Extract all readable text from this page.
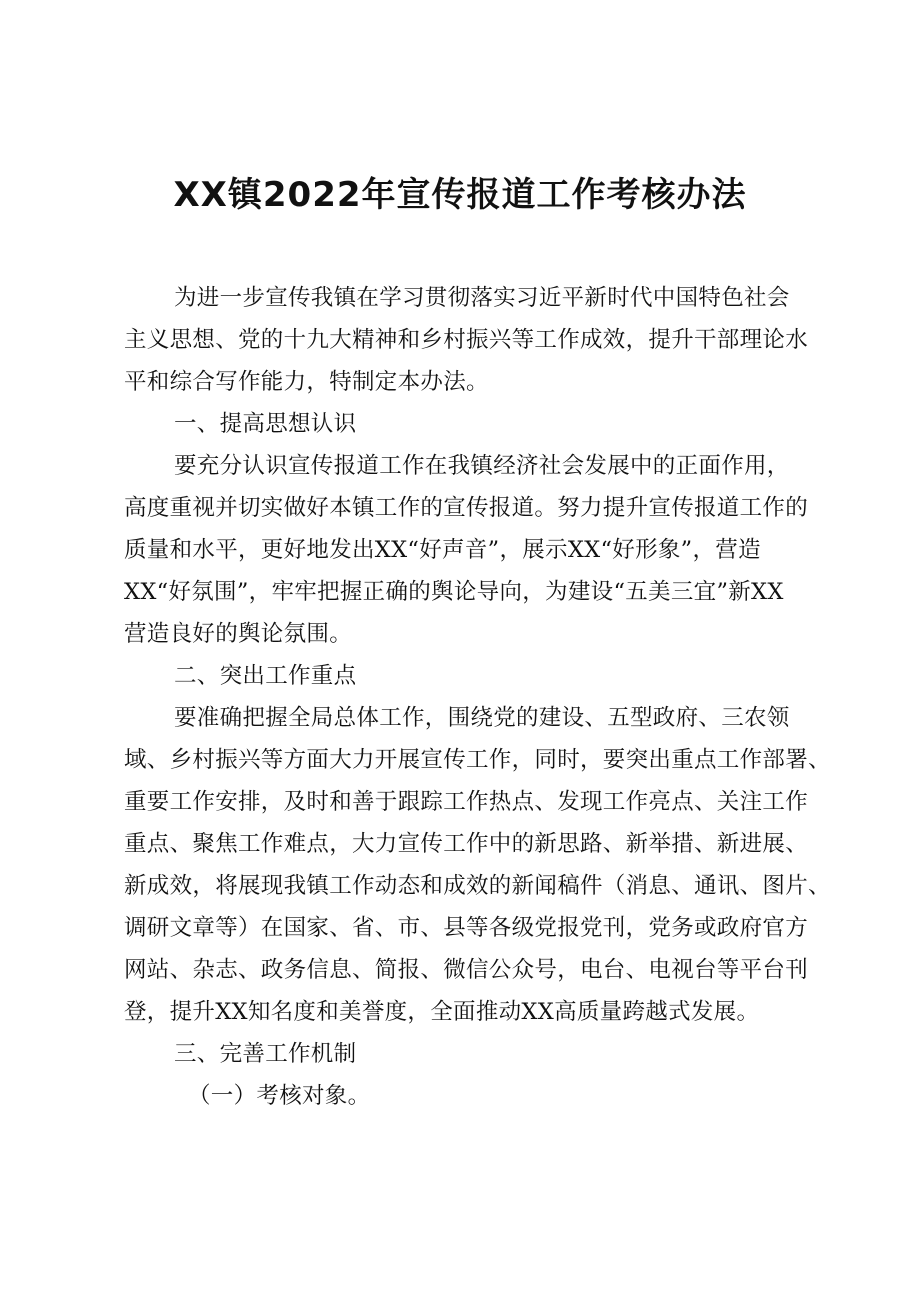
XX镇2022年宣传报道工作考核办法
为进一步宣传我镇在学习贯彻落实习近平新时代中国特色社会
主义思想、党的十九大精神和乡村振兴等工作成效，提升干部理论水
平和综合写作能力，特制定本办法。
一、提高思想认识
要充分认识宣传报道工作在我镇经济社会发展中的正面作用，
高度重视并切实做好本镇工作的宣传报道。努力提升宣传报道工作的
质量和水平，更好地发出XX“好声音”，展示XX“好形象”，营造
XX“好氛围”，牢牢把握正确的舆论导向，为建设“五美三宜”新XX
营造良好的舆论氛围。
二、突出工作重点
要准确把握全局总体工作，围绕党的建设、五型政府、三农领
域、乡村振兴等方面大力开展宣传工作，同时，要突出重点工作部署、
重要工作安排，及时和善于跟踪工作热点、发现工作亮点、关注工作
重点、聚焦工作难点，大力宣传工作中的新思路、新举措、新进展、
新成效，将展现我镇工作动态和成效的新闻稿件（消息、通讯、图片、
调研文章等）在国家、省、市、县等各级党报党刊，党务或政府官方
网站、杂志、政务信息、简报、微信公众号，电台、电视台等平台刊
登，提升XX知名度和美誉度，全面推动XX高质量跨越式发展。
三、完善工作机制
（一）考核对象。
